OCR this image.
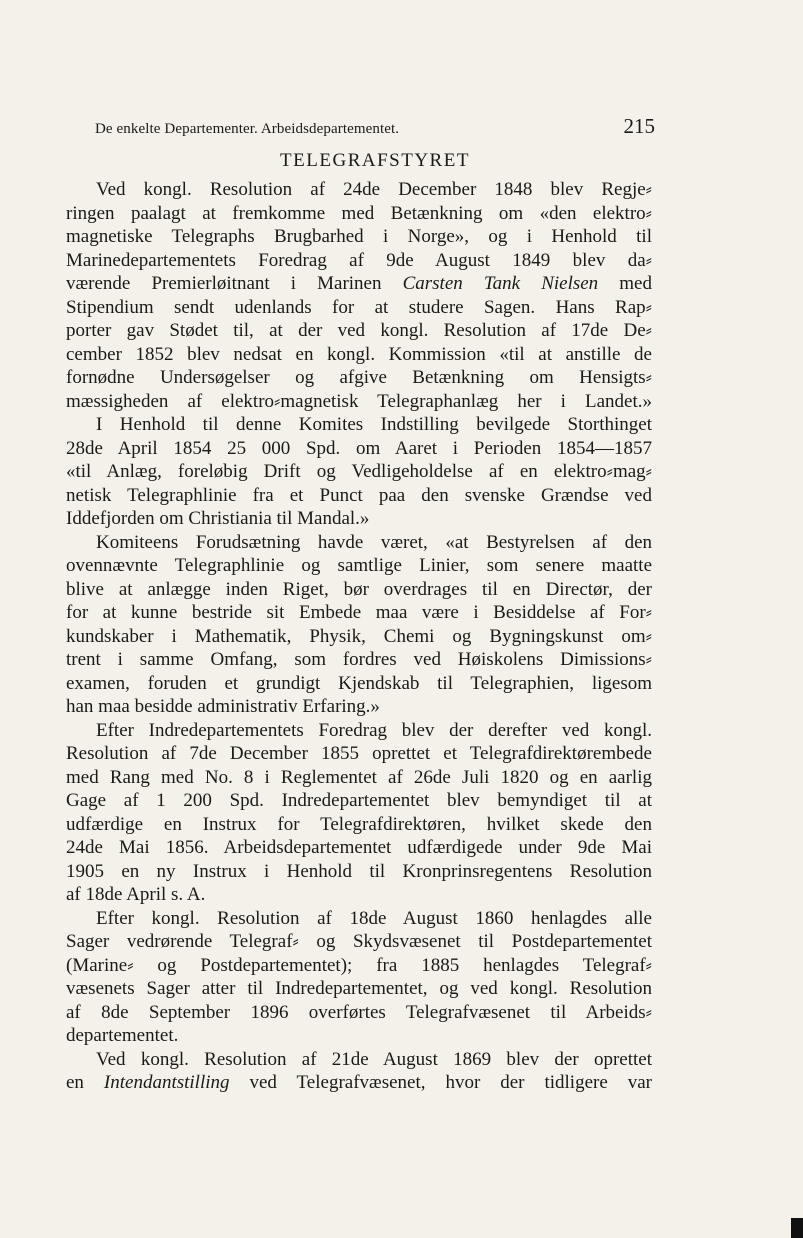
De enkelte Departementer. Arbeidsdepartementet.	215
TELEGRAFSTYRET
Ved kongl. Resolution af 24de December 1848 blev Regje⸗
ringen paalagt at fremkomme med Betænkning om «den elektro⸗
magnetiske Telegraphs Brugbarhed i Norge», og i Henhold til
Marinedepartementets Foredrag af 9de August 1849 blev da⸗
værende Premierløitnant i Marinen Carsten Tank Nielsen med
Stipendium sendt udenlands for at studere Sagen. Hans Rap⸗
porter gav Stødet til, at der ved kongl. Resolution af 17de De⸗
cember 1852 blev nedsat en kongl. Kommission «til at anstille de
fornødne Undersøgelser og afgive Betænkning om Hensigts⸗
mæssigheden af elektro⸗magnetisk Telegraphanlæg her i Landet.»
I Henhold til denne Komites Indstilling bevilgede Storthinget
28de April 1854 25 000 Spd. om Aaret i Perioden 1854—1857
«til Anlæg, foreløbig Drift og Vedligeholdelse af en elektro⸗mag⸗
netisk Telegraphlinie fra et Punct paa den svenske Grændse ved
Iddefjorden om Christiania til Mandal.»
Komiteens Forudsætning havde været, «at Bestyrelsen af den
ovennævnte Telegraphlinie og samtlige Linier, som senere maatte
blive at anlægge inden Riget, bør overdrages til en Directør, der
for at kunne bestride sit Embede maa være i Besiddelse af For⸗
kundskaber i Mathematik, Physik, Chemi og Bygningskunst om⸗
trent i samme Omfang, som fordres ved Høiskolens Dimissions⸗
examen, foruden et grundigt Kjendskab til Telegraphien, ligesom
han maa besidde administrativ Erfaring.»
Efter Indredepartementets Foredrag blev der derefter ved kongl.
Resolution af 7de December 1855 oprettet et Telegrafdirektørembede
med Rang med No. 8 i Reglementet af 26de Juli 1820 og en aarlig
Gage af 1 200 Spd. Indredepartementet blev bemyndiget til at
udfærdige en Instrux for Telegrafdirektøren, hvilket skede den
24de Mai 1856. Arbeidsdepartementet udfærdigede under 9de Mai
1905 en ny Instrux i Henhold til Kronprinsregentens Resolution
af 18de April s. A.
Efter kongl. Resolution af 18de August 1860 henlagdes alle
Sager vedrørende Telegraf⸗ og Skydsvæsenet til Postdepartementet
(Marine⸗ og Postdepartementet); fra 1885 henlagdes Telegraf⸗
væsenets Sager atter til Indredepartementet, og ved kongl. Resolution
af 8de September 1896 overførtes Telegrafvæsenet til Arbeids⸗
departementet.
Ved kongl. Resolution af 21de August 1869 blev der oprettet
en Intendantstilling ved Telegrafvæsenet, hvor der tidligere var
